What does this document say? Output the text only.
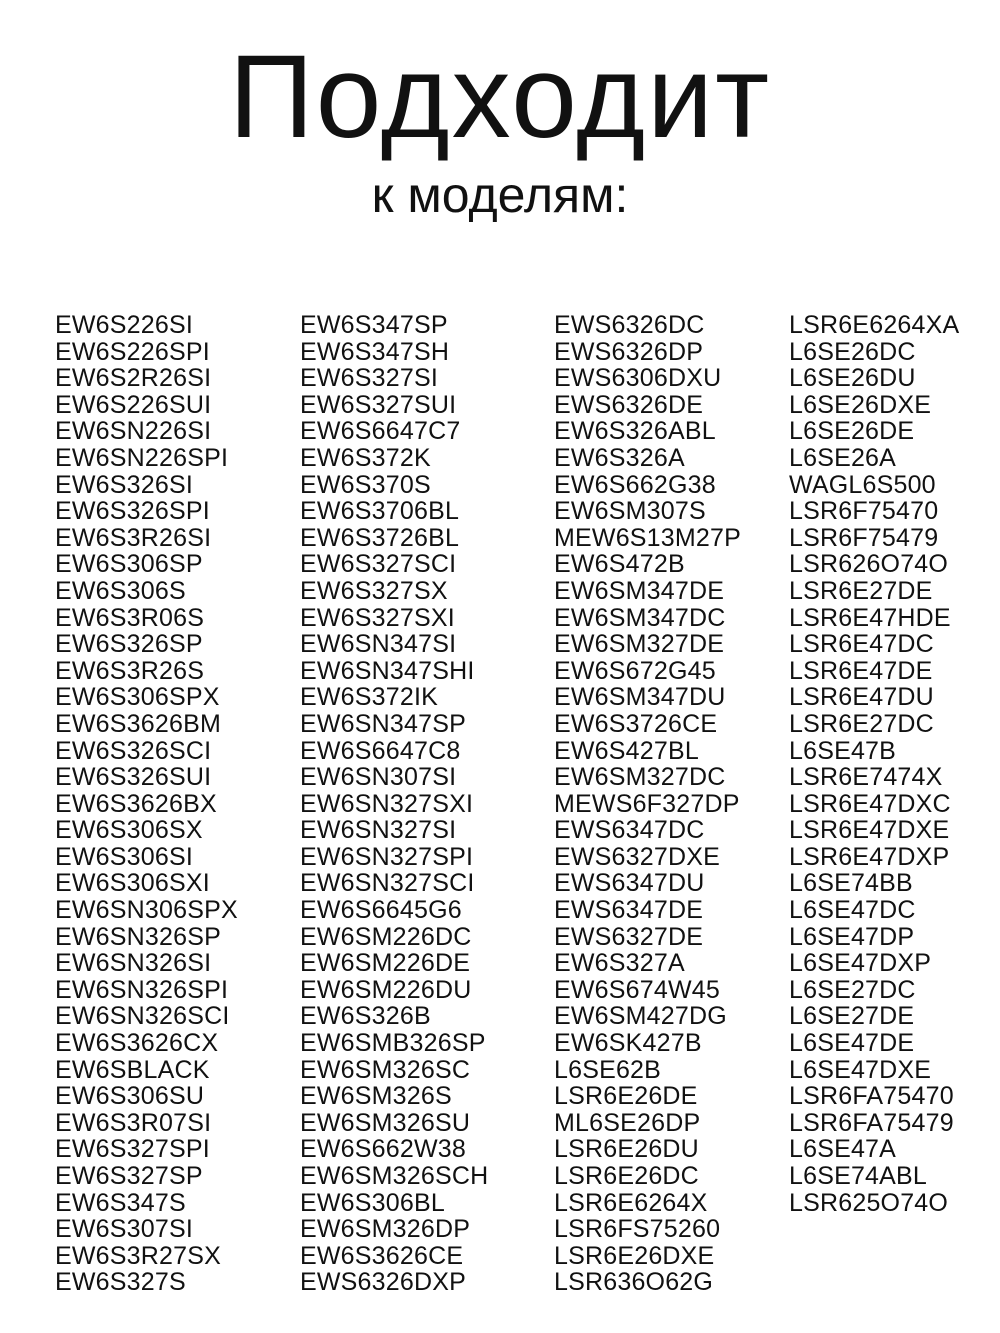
Подходит
к моделям:
EW6S226SI
EW6S226SPI
EW6S2R26SI
EW6S226SUI
EW6SN226SI
EW6SN226SPI
EW6S326SI
EW6S326SPI
EW6S3R26SI
EW6S306SP
EW6S306S
EW6S3R06S
EW6S326SP
EW6S3R26S
EW6S306SPX
EW6S3626BM
EW6S326SCI
EW6S326SUI
EW6S3626BX
EW6S306SX
EW6S306SI
EW6S306SXI
EW6SN306SPX
EW6SN326SP
EW6SN326SI
EW6SN326SPI
EW6SN326SCI
EW6S3626CX
EW6SBLACK
EW6S306SU
EW6S3R07SI
EW6S327SPI
EW6S327SP
EW6S347S
EW6S307SI
EW6S3R27SX
EW6S327S
EW6S347SP
EW6S347SH
EW6S327SI
EW6S327SUI
EW6S6647C7
EW6S372K
EW6S370S
EW6S3706BL
EW6S3726BL
EW6S327SCI
EW6S327SX
EW6S327SXI
EW6SN347SI
EW6SN347SHI
EW6S372IK
EW6SN347SP
EW6S6647C8
EW6SN307SI
EW6SN327SXI
EW6SN327SI
EW6SN327SPI
EW6SN327SCI
EW6S6645G6
EW6SM226DC
EW6SM226DE
EW6SM226DU
EW6S326B
EW6SMB326SP
EW6SM326SC
EW6SM326S
EW6SM326SU
EW6S662W38
EW6SM326SCH
EW6S306BL
EW6SM326DP
EW6S3626CE
EWS6326DXP
EWS6326DC
EWS6326DP
EWS6306DXU
EWS6326DE
EW6S326ABL
EW6S326A
EW6S662G38
EW6SM307S
MEW6S13M27P
EW6S472B
EW6SM347DE
EW6SM347DC
EW6SM327DE
EW6S672G45
EW6SM347DU
EW6S3726CE
EW6S427BL
EW6SM327DC
MEWS6F327DP
EWS6347DC
EWS6327DXE
EWS6347DU
EWS6347DE
EWS6327DE
EW6S327A
EW6S674W45
EW6SM427DG
EW6SK427B
L6SE62B
LSR6E26DE
ML6SE26DP
LSR6E26DU
LSR6E26DC
LSR6E6264X
LSR6FS75260
LSR6E26DXE
LSR636O62G
LSR6E6264XA
L6SE26DC
L6SE26DU
L6SE26DXE
L6SE26DE
L6SE26A
WAGL6S500
LSR6F75470
LSR6F75479
LSR626O74O
LSR6E27DE
LSR6E47HDE
LSR6E47DC
LSR6E47DE
LSR6E47DU
LSR6E27DC
L6SE47B
LSR6E7474X
LSR6E47DXC
LSR6E47DXE
LSR6E47DXP
L6SE74BB
L6SE47DC
L6SE47DP
L6SE47DXP
L6SE27DC
L6SE27DE
L6SE47DE
L6SE47DXE
LSR6FA75470
LSR6FA75479
L6SE47A
L6SE74ABL
LSR625O74O
